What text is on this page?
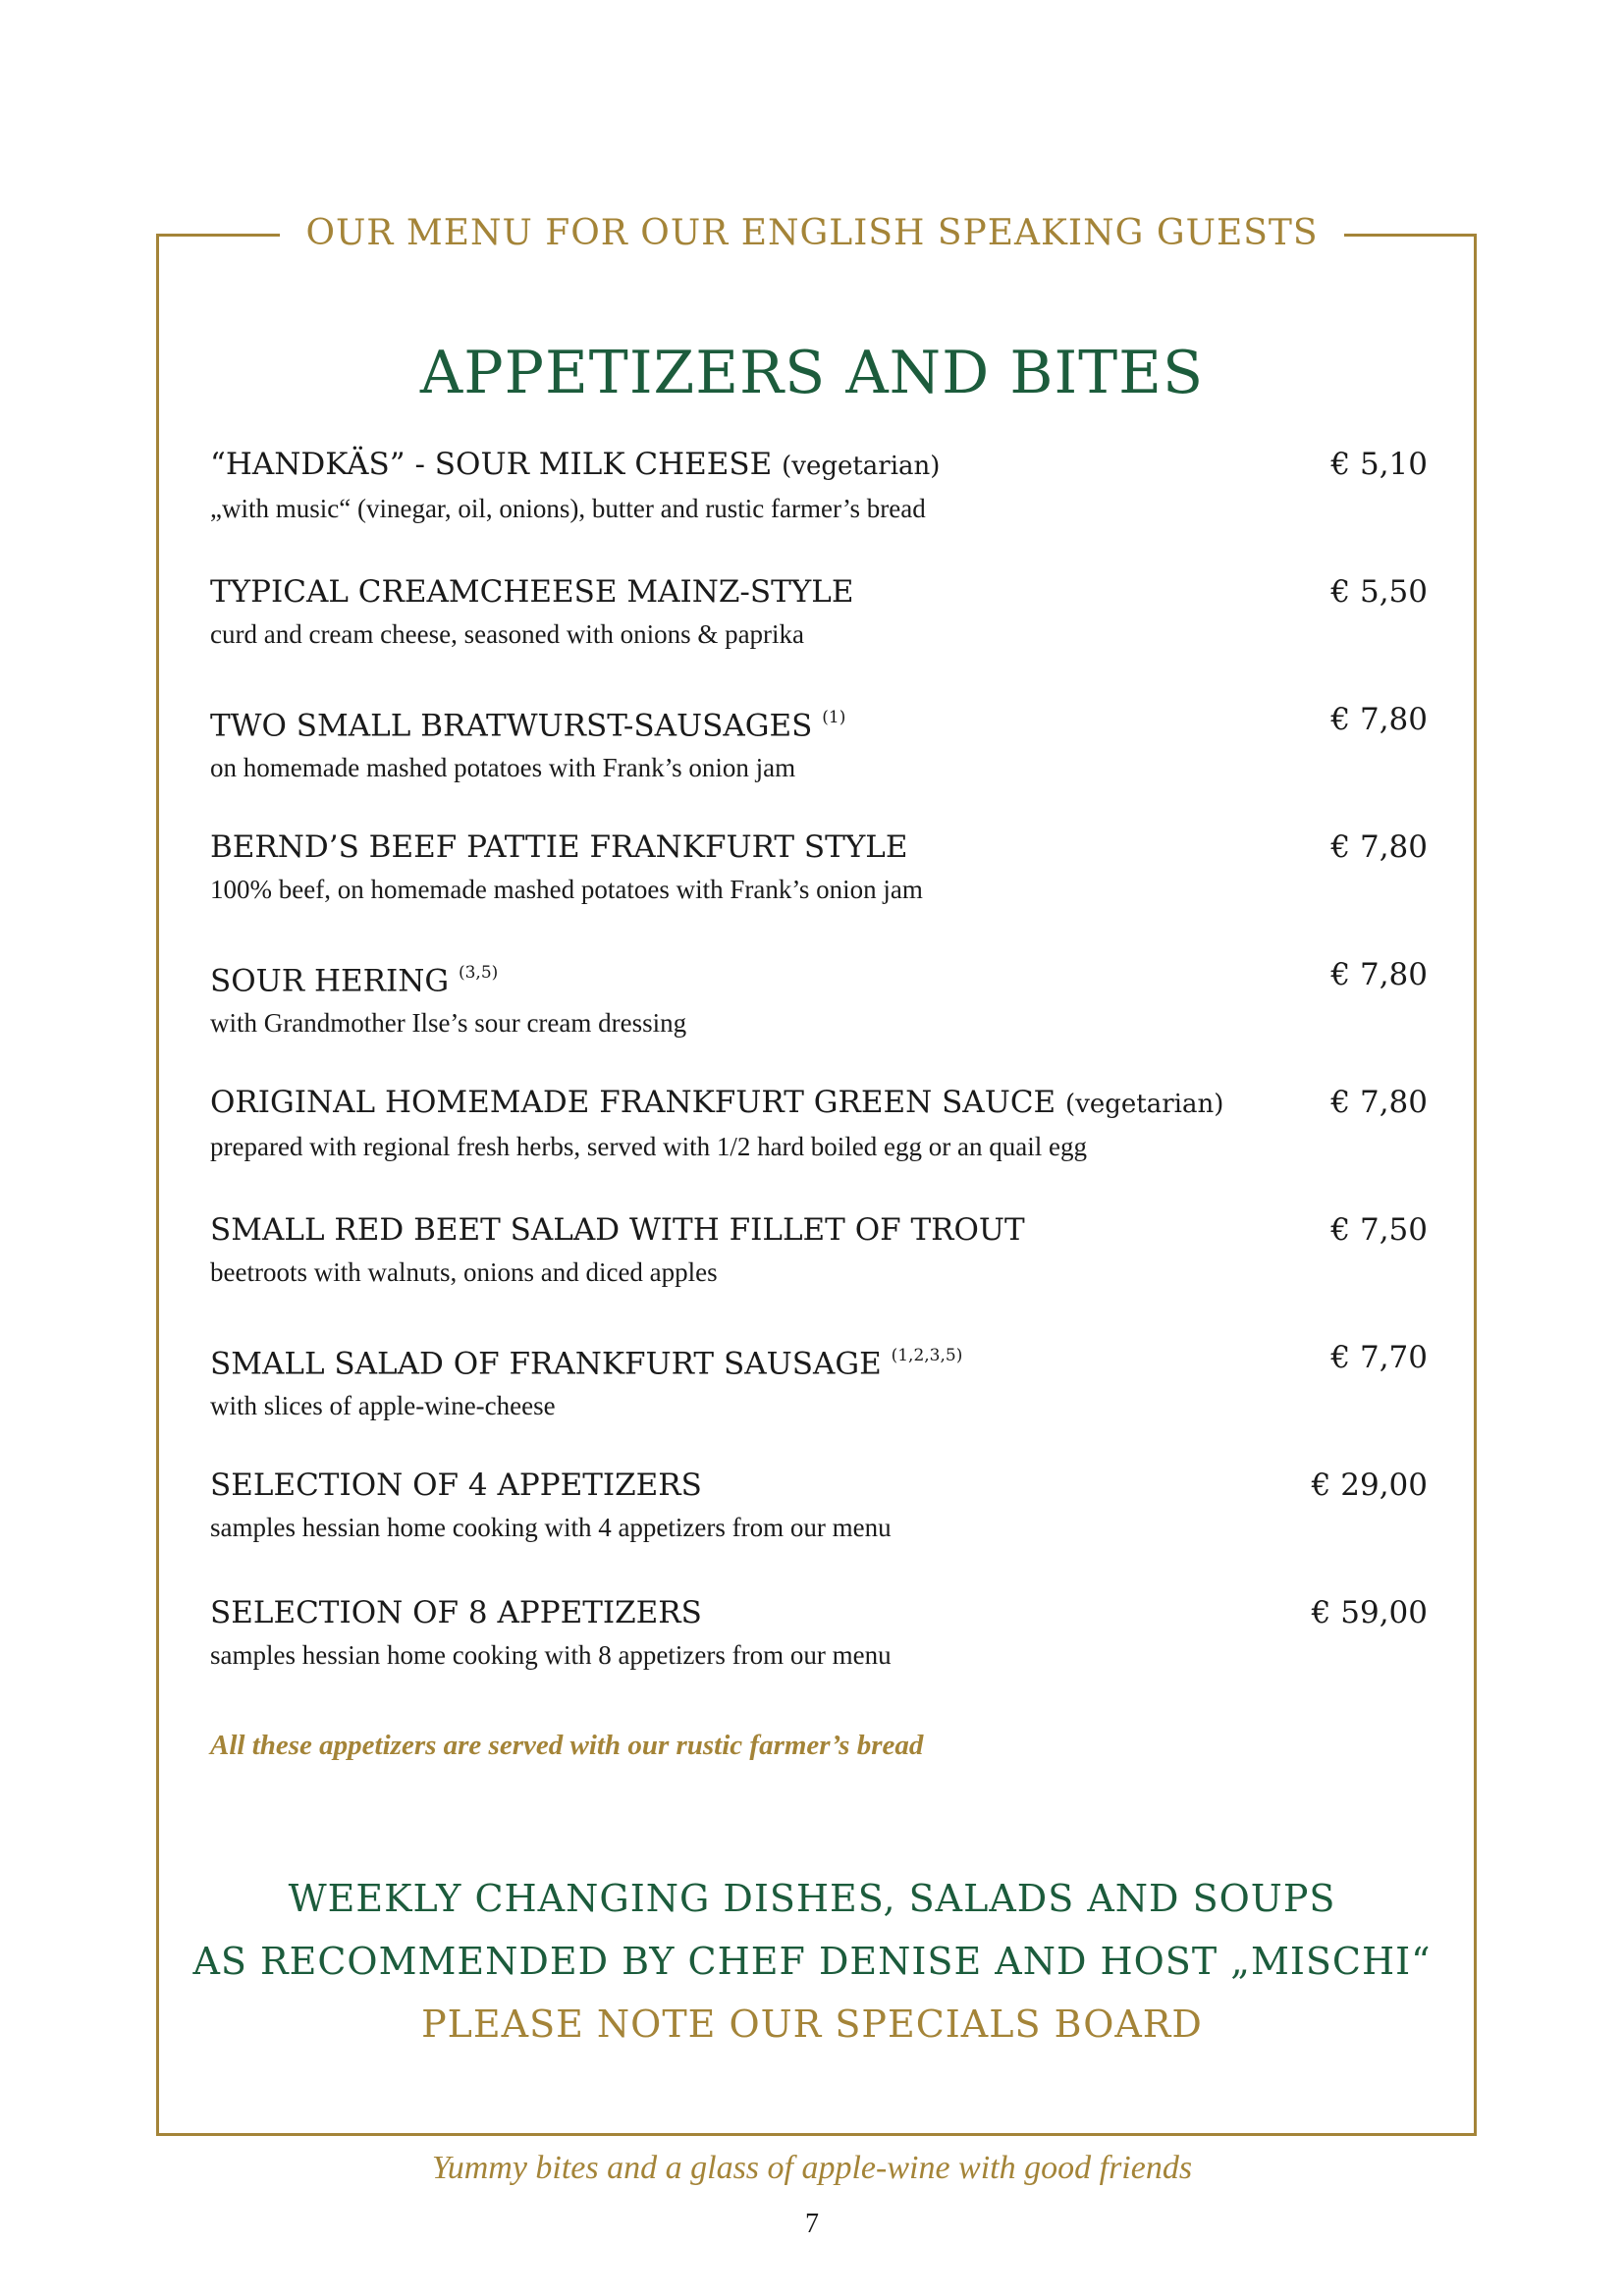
OUR MENU FOR OUR ENGLISH SPEAKING GUESTS
APPETIZERS AND BITES
“HANDKÄS” - SOUR MILK CHEESE (vegetarian)	€ 5,10
„with music“ (vinegar, oil, onions), butter and rustic farmer’s bread
TYPICAL CREAMCHEESE MAINZ-STYLE	€ 5,50
curd and cream cheese, seasoned with onions & paprika
TWO SMALL BRATWURST-SAUSAGES $^{(1)}$	€ 7,80
on homemade mashed potatoes with Frank’s onion jam
BERND’S BEEF PATTIE FRANKFURT STYLE	€ 7,80
100% beef, on homemade mashed potatoes with Frank’s onion jam
SOUR HERING $^{(3,5)}$	€ 7,80
with Grandmother Ilse’s sour cream dressing
ORIGINAL HOMEMADE FRANKFURT GREEN SAUCE (vegetarian)	€ 7,80
prepared with regional fresh herbs, served with 1/2 hard boiled egg or an quail egg
SMALL RED BEET SALAD WITH FILLET OF TROUT	€ 7,50
beetroots with walnuts, onions and diced apples
SMALL SALAD OF FRANKFURT SAUSAGE $^{(1,2,3,5)}$	€ 7,70
with slices of apple-wine-cheese
SELECTION OF 4 APPETIZERS	€ 29,00
samples hessian home cooking with 4 appetizers from our menu
SELECTION OF 8 APPETIZERS	€ 59,00
samples hessian home cooking with 8 appetizers from our menu
All these appetizers are served with our rustic farmer’s bread
WEEKLY CHANGING DISHES, SALADS AND SOUPS
AS RECOMMENDED BY CHEF DENISE AND HOST „MISCHI“
PLEASE NOTE OUR SPECIALS BOARD
Yummy bites and a glass of apple-wine with good friends
7
